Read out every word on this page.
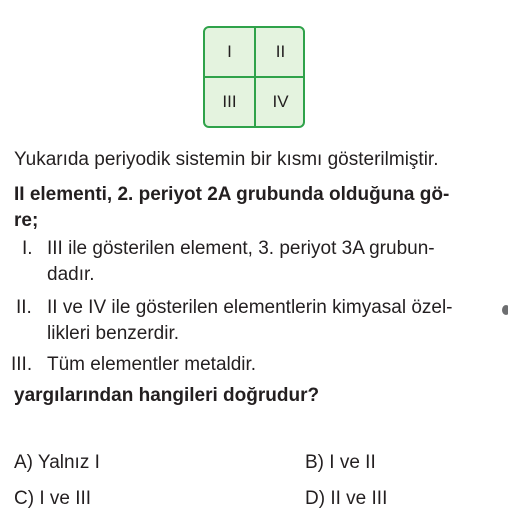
I	II
III	IV
Yukarıda periyodik sistemin bir kısmı gösterilmiştir.
II elementi, 2. periyot 2A grubunda olduğuna gö-
re;
I. III ile gösterilen element, 3. periyot 3A grubun-
dadır.
II. II ve IV ile gösterilen elementlerin kimyasal özel-
likleri benzerdir.
III. Tüm elementler metaldir.
yargılarından hangileri doğrudur?
A) Yalnız I	B) I ve II
C) I ve III	D) II ve III
